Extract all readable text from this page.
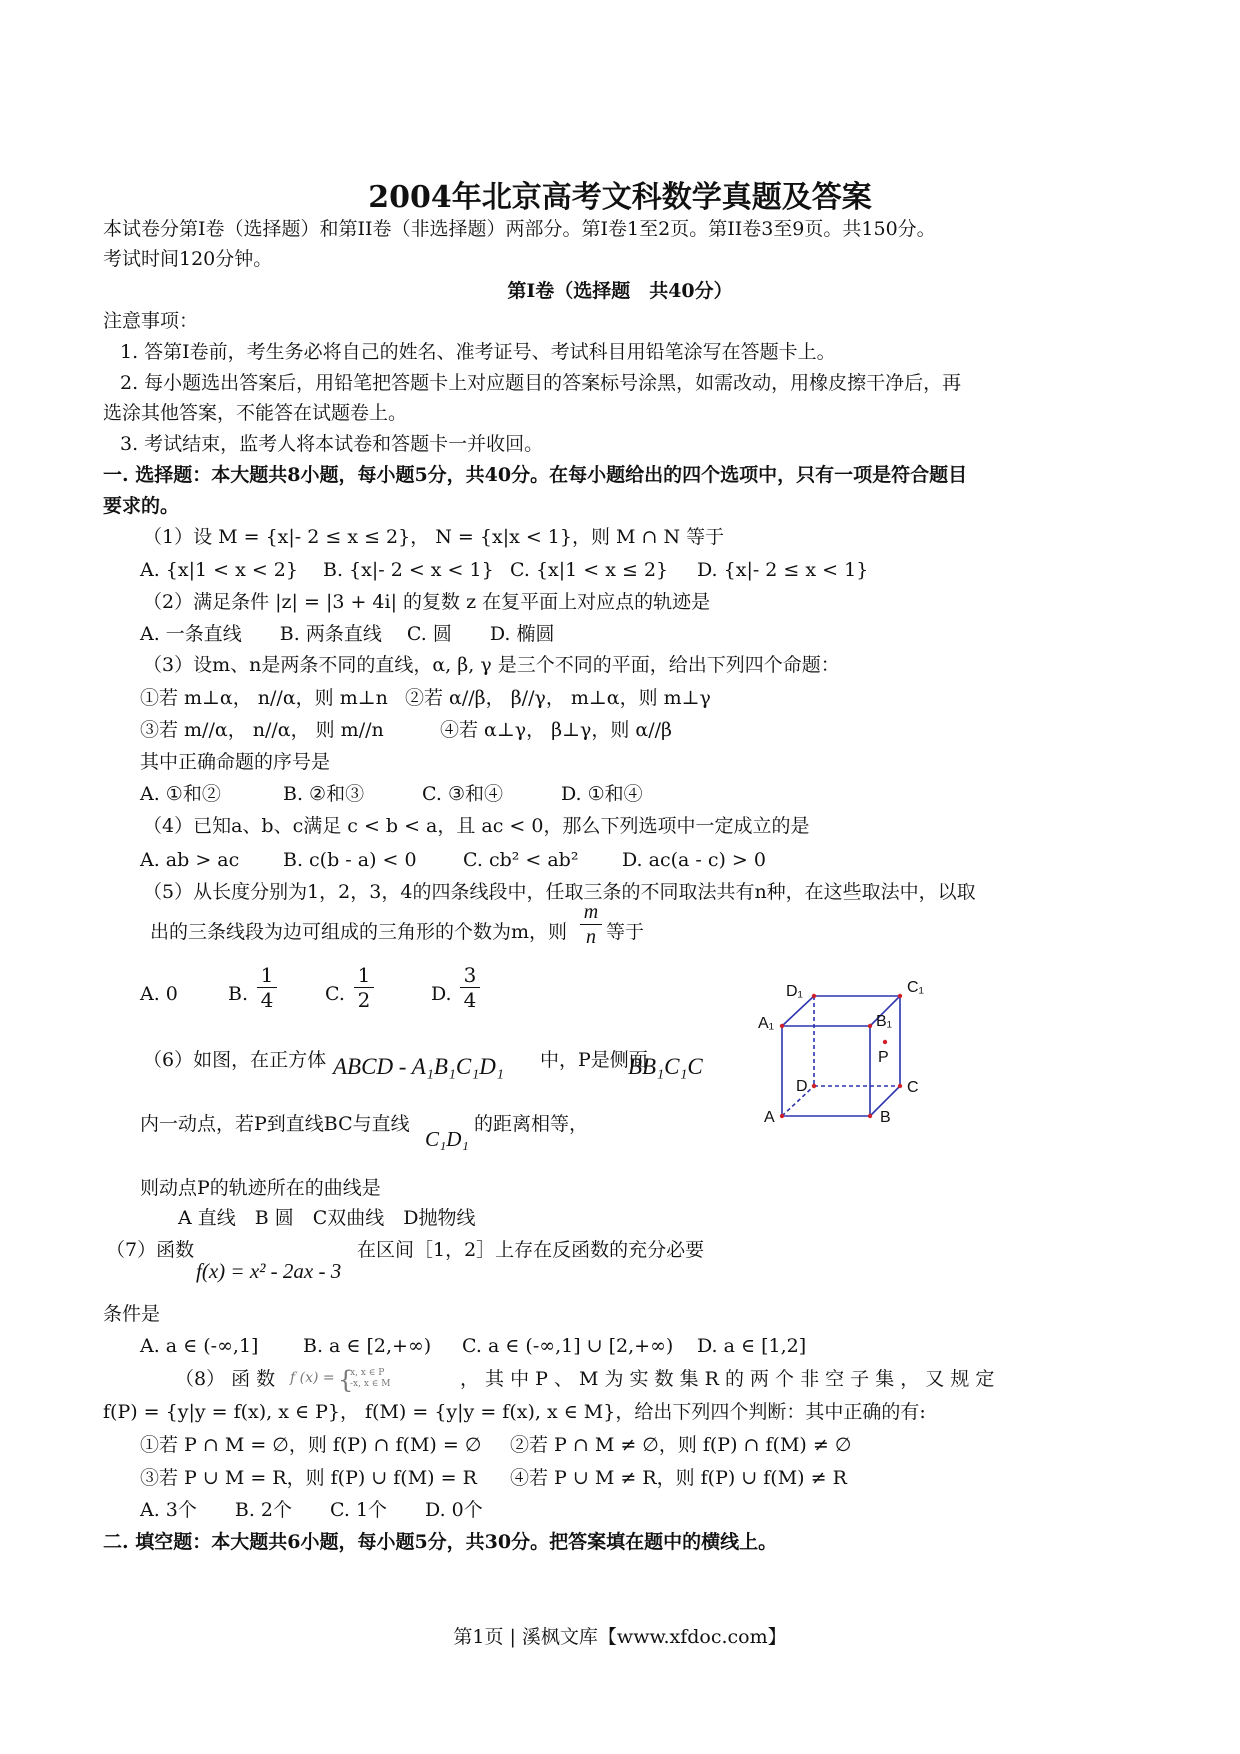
2004年北京高考文科数学真题及答案
本试卷分第I卷（选择题）和第II卷（非选择题）两部分。第I卷1至2页。第II卷3至9页。共150分。
考试时间120分钟。
第I卷（选择题　共40分）
注意事项：
1. 答第I卷前，考生务必将自己的姓名、准考证号、考试科目用铅笔涂写在答题卡上。
2. 每小题选出答案后，用铅笔把答题卡上对应题目的答案标号涂黑，如需改动，用橡皮擦干净后，再
选涂其他答案，不能答在试题卷上。
3. 考试结束，监考人将本试卷和答题卡一并收回。
一. 选择题：本大题共8小题，每小题5分，共40分。在每小题给出的四个选项中，只有一项是符合题目
要求的。
（1）设 M = {x|- 2 ≤ x ≤ 2}， N = {x|x < 1}，则 M ∩ N 等于
A. {x|1 < x < 2} B. {x|- 2 < x < 1} C. {x|1 < x ≤ 2} D. {x|- 2 ≤ x < 1}
（2）满足条件 |z| = |3 + 4i| 的复数 z 在复平面上对应点的轨迹是
A. 一条直线　　B. 两条直线　 C. 圆　　D. 椭圆
（3）设m、n是两条不同的直线，α, β, γ 是三个不同的平面，给出下列四个命题：
①若 m⊥α， n//α，则 m⊥n ②若 α//β， β//γ， m⊥α，则 m⊥γ
③若 m//α， n//α， 则 m//n	④若 α⊥γ， β⊥γ，则 α//β
其中正确命题的序号是
A. ①和②	B. ②和③	C. ③和④	D. ①和④
（4）已知a、b、c满足 c < b < a，且 ac < 0，那么下列选项中一定成立的是
A. ab > ac B. c(b - a) < 0 C. cb² < ab² D. ac(a - c) > 0
（5）从长度分别为1，2，3，4的四条线段中，任取三条的不同取法共有n种，在这些取法中，以取
出的三条线段为边可组成的三角形的个数为m，则 $\frac{m}{n}$ 等于
A. 0	B. $\frac{1}{4}$	C. $\frac{1}{2}$	D. $\frac{3}{4}$
（6）如图，在正方体 ABCD - A₁B₁C₁D₁ 中，P是侧面
BB₁C₁C
内一动点，若P到直线BC与直线
C₁D₁
的距离相等，
则动点P的轨迹所在的曲线是
A 直线　B 圆　C双曲线　D抛物线
D₁	C₁
A₁	B₁
P
D	C
A	B
（7）函数
f(x) = x² - 2ax - 3
在区间［1，2］上存在反函数的充分必要
条件是
A. a ∈ (-∞,1] B. a ∈ [2,+∞) C. a ∈ (-∞,1] ∪ [2,+∞) D. a ∈ [1,2]
（8） 函 数 f (x) = {
x, x ∈ P
-x, x ∈ M	， 其 中 P 、 M 为 实 数 集 R 的 两 个 非 空 子 集 ， 又 规 定
f(P) = {y|y = f(x), x ∈ P}， f(M) = {y|y = f(x), x ∈ M}，给出下列四个判断：其中正确的有:
①若 P ∩ M = ∅，则 f(P) ∩ f(M) = ∅ ②若 P ∩ M ≠ ∅，则 f(P) ∩ f(M) ≠ ∅
③若 P ∪ M = R，则 f(P) ∪ f(M) = R ④若 P ∪ M ≠ R，则 f(P) ∪ f(M) ≠ R
A. 3个　　B. 2个　　C. 1个　　D. 0个
二. 填空题：本大题共6小题，每小题5分，共30分。把答案填在题中的横线上。
第1页 | 溪枫文库【www.xfdoc.com】
